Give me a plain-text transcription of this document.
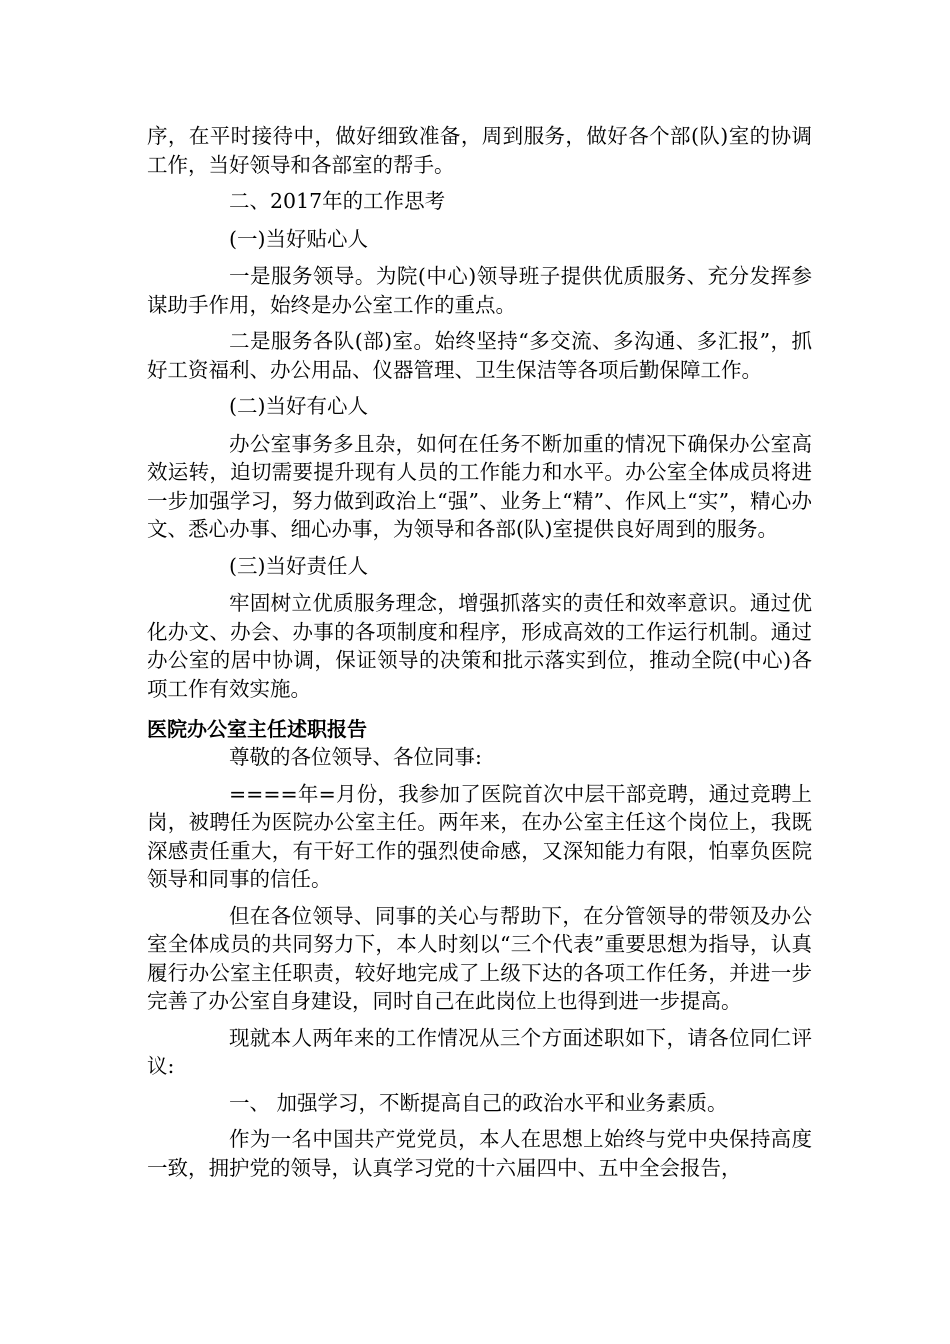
序，在平时接待中，做好细致准备，周到服务，做好各个部(队)室的协调工作，当好领导和各部室的帮手。

二、2017年的工作思考

(一)当好贴心人

一是服务领导。为院(中心)领导班子提供优质服务、充分发挥参谋助手作用，始终是办公室工作的重点。

二是服务各队(部)室。始终坚持“多交流、多沟通、多汇报”，抓好工资福利、办公用品、仪器管理、卫生保洁等各项后勤保障工作。

(二)当好有心人

办公室事务多且杂，如何在任务不断加重的情况下确保办公室高效运转，迫切需要提升现有人员的工作能力和水平。办公室全体成员将进一步加强学习，努力做到政治上“强”、业务上“精”、作风上“实”，精心办文、悉心办事、细心办事，为领导和各部(队)室提供良好周到的服务。

(三)当好责任人

牢固树立优质服务理念，增强抓落实的责任和效率意识。通过优化办文、办会、办事的各项制度和程序，形成高效的工作运行机制。通过办公室的居中协调，保证领导的决策和批示落实到位，推动全院(中心)各项工作有效实施。

医院办公室主任述职报告

尊敬的各位领导、各位同事:

====年=月份，我参加了医院首次中层干部竞聘，通过竞聘上岗，被聘任为医院办公室主任。两年来，在办公室主任这个岗位上，我既深感责任重大，有干好工作的强烈使命感，又深知能力有限，怕辜负医院领导和同事的信任。

但在各位领导、同事的关心与帮助下，在分管领导的带领及办公室全体成员的共同努力下，本人时刻以“三个代表”重要思想为指导，认真履行办公室主任职责，较好地完成了上级下达的各项工作任务，并进一步完善了办公室自身建设，同时自己在此岗位上也得到进一步提高。

现就本人两年来的工作情况从三个方面述职如下，请各位同仁评议:

一、 加强学习，不断提高自己的政治水平和业务素质。

作为一名中国共产党党员，本人在思想上始终与党中央保持高度一致，拥护党的领导，认真学习党的十六届四中、五中全会报告，
